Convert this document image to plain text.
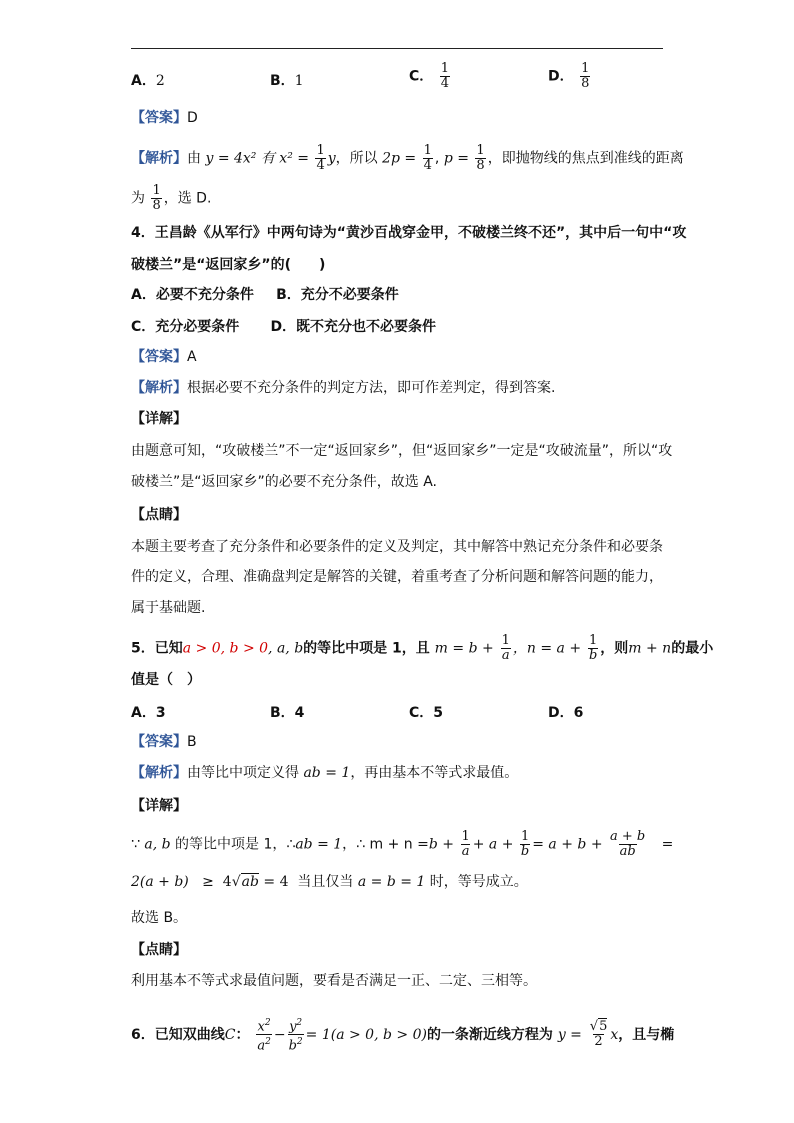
A．2	B．1	C． $\frac{1}{4}$	D． $\frac{1}{8}$
【答案】D
【解析】由 y = 4x² 有 $x^2 = \frac{1}{4}$ y，所以 $2p = \frac{1}{4}$ , $p = \frac{1}{8}$ ，即抛物线的焦点到准线的距离
为 $\frac{1}{8}$ ，选 D.
4．王昌龄《从军行》中两句诗为“黄沙百战穿金甲，不破楼兰终不还”，其中后一句中“攻
破楼兰”是“返回家乡”的(　　)
A．必要不充分条件 B．充分不必要条件
C．充分必要条件 D．既不充分也不必要条件
【答案】A
【解析】根据必要不充分条件的判定方法，即可作差判定，得到答案.
【详解】
由题意可知，“攻破楼兰”不一定“返回家乡”，但“返回家乡”一定是“攻破流量”，所以“攻
破楼兰”是“返回家乡”的必要不充分条件，故选 A.
【点睛】
本题主要考查了充分条件和必要条件的定义及判定，其中解答中熟记充分条件和必要条
件的定义，合理、准确盘判定是解答的关键，着重考查了分析问题和解答问题的能力，
属于基础题.
5．已知a > 0, b > 0, a, b的等比中项是 1，且 $m = b + \frac{1}{a}$ ，$n = a + \frac{1}{b}$ ，则m + n的最小
值是（　）
A．3	B．4	C．5	D．6
【答案】B
【解析】由等比中项定义得 ab = 1，再由基本不等式求最值。
【详解】
∵ a, b 的等比中项是 1，∴ab = 1，∴ $m + n =b + \frac{1}{a} + a + \frac{1}{b} = a + b + \frac{a + b}{ab}$ =
2(a + b) ≥ 4√ab = 4 当且仅当 a = b = 1 时，等号成立。
故选 B。
【点睛】
利用基本不等式求最值问题，要看是否满足一正、二定、三相等。
6．已知双曲线C： $\frac{x^2}{a^2} - \frac{y^2}{b^2} = 1(a > 0$, b > 0)的一条渐近线方程为 $y = \frac{√5}{2}$ x，且与椭
